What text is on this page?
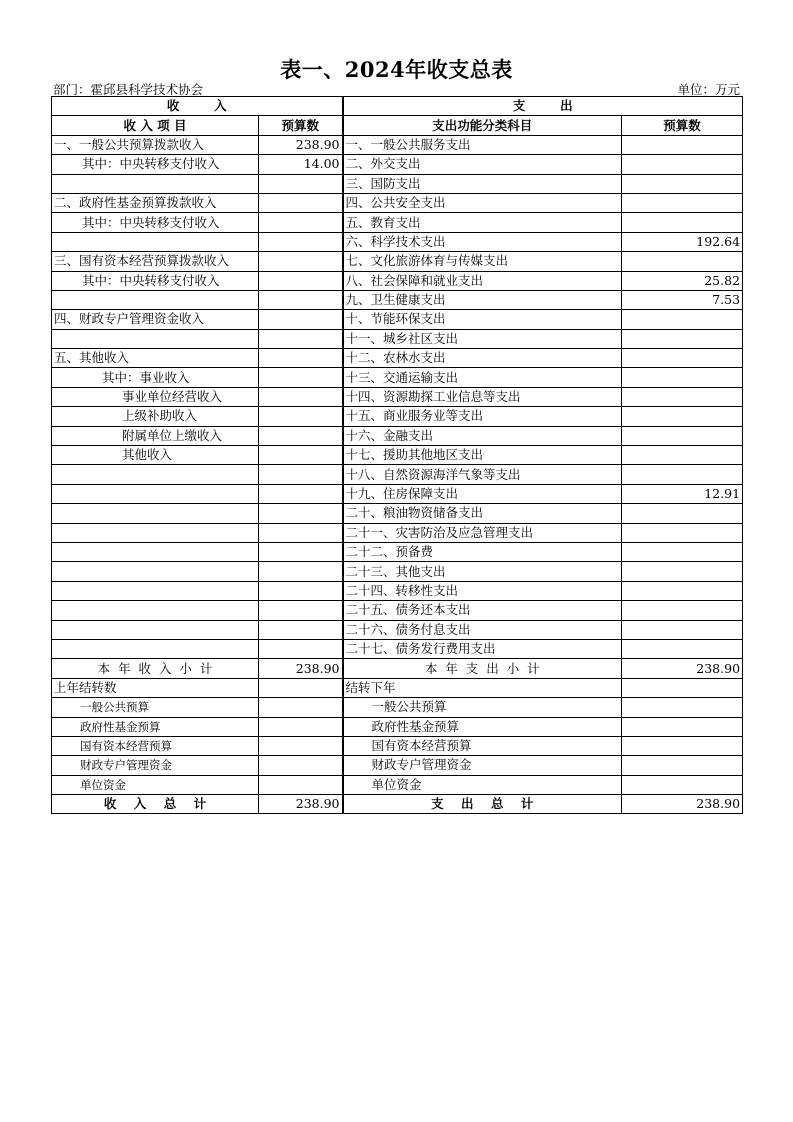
表一、2024年收支总表
部门：霍邱县科学技术协会	单位：万元
收        入		支        出	
收 入 项 目	预算数	支出功能分类科目	预算数
一、一般公共预算拨款收入	238.90	一、一般公共服务支出	
其中：中央转移支付收入	14.00	二、外交支出	
		三、国防支出	
二、政府性基金预算拨款收入		四、公共安全支出	
其中：中央转移支付收入		五、教育支出	
		六、科学技术支出	192.64
三、国有资本经营预算拨款收入		七、文化旅游体育与传媒支出	
其中：中央转移支付收入		八、社会保障和就业支出	25.82
		九、卫生健康支出	7.53
四、财政专户管理资金收入		十、节能环保支出	
		十一、城乡社区支出	
五、其他收入		十二、农林水支出	
其中：事业收入		十三、交通运输支出	
事业单位经营收入		十四、资源勘探工业信息等支出	
上级补助收入		十五、商业服务业等支出	
附属单位上缴收入		十六、金融支出	
其他收入		十七、援助其他地区支出	
		十八、自然资源海洋气象等支出	
		十九、住房保障支出	12.91
		二十、粮油物资储备支出	
		二十一、灾害防治及应急管理支出	
		二十二、预备费	
		二十三、其他支出	
		二十四、转移性支出	
		二十五、债务还本支出	
		二十六、债务付息支出	
		二十七、债务发行费用支出	
本  年  收  入  小  计	238.90	本  年  支  出  小  计	238.90
上年结转数		结转下年	
一般公共预算		一般公共预算	
政府性基金预算		政府性基金预算	
国有资本经营预算		国有资本经营预算	
财政专户管理资金		财政专户管理资金	
单位资金		单位资金	
收    入    总    计	238.90	支    出    总    计	238.90
